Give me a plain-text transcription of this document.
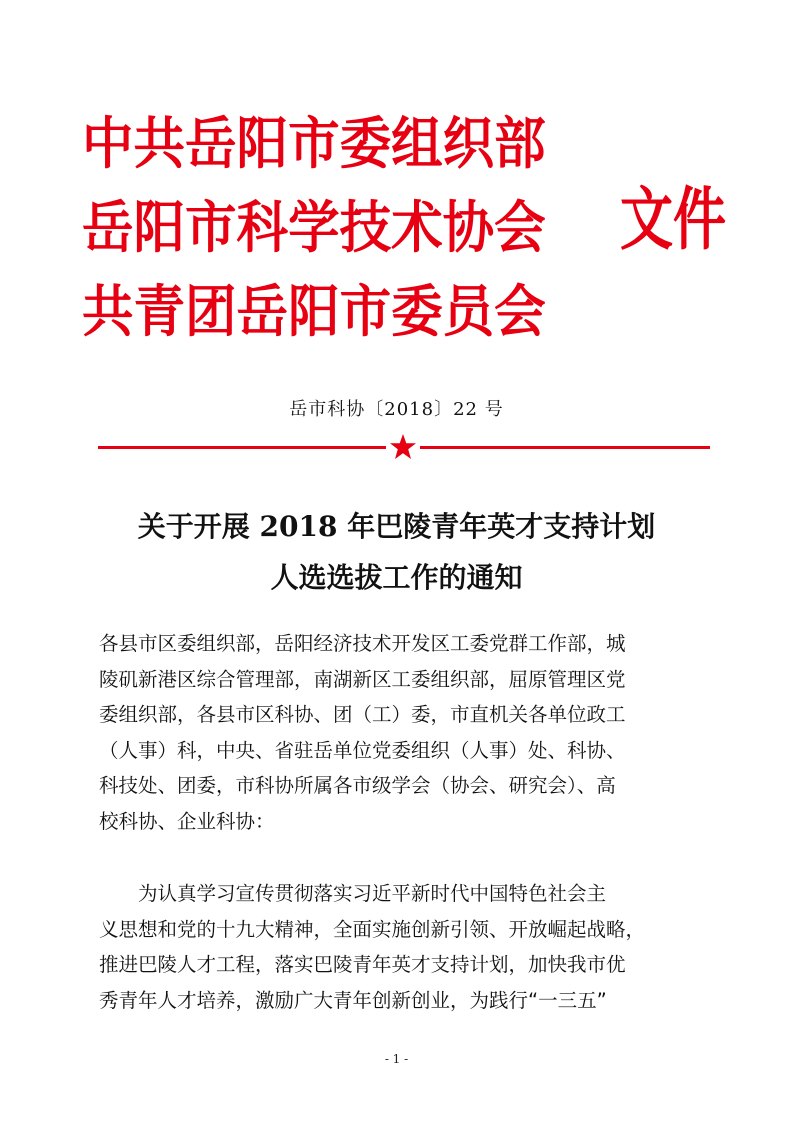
中共岳阳市委组织部
岳阳市科学技术协会
共青团岳阳市委员会
文件
岳市科协〔2018〕22 号
关于开展 2018 年巴陵青年英才支持计划
人选选拔工作的通知
各县市区委组织部，岳阳经济技术开发区工委党群工作部，城
陵矶新港区综合管理部，南湖新区工委组织部，屈原管理区党
委组织部，各县市区科协、团（工）委，市直机关各单位政工
（人事）科，中央、省驻岳单位党委组织（人事）处、科协、
科技处、团委，市科协所属各市级学会（协会、研究会）、高
校科协、企业科协：
为认真学习宣传贯彻落实习近平新时代中国特色社会主
义思想和党的十九大精神，全面实施创新引领、开放崛起战略，
推进巴陵人才工程，落实巴陵青年英才支持计划，加快我市优
秀青年人才培养，激励广大青年创新创业，为践行“一三五”
- 1 -
